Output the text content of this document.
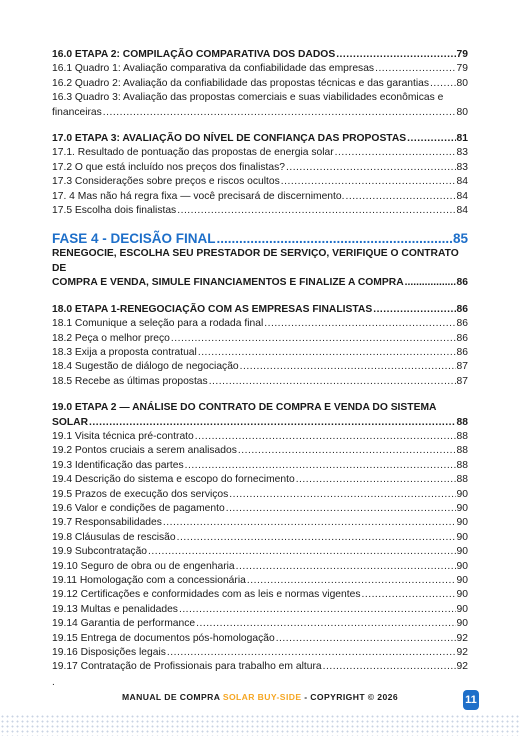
16.0 ETAPA 2: COMPILAÇÃO COMPARATIVA DOS DADOS .....	79
16.1 Quadro 1: Avaliação comparativa da confiabilidade das empresas .....	79
16.2 Quadro 2: Avaliação da confiabilidade das propostas técnicas e das garantias .....	80
16.3 Quadro 3: Avaliação das propostas comerciais e suas viabilidades econômicas e
financeiras .....	80
17.0 ETAPA 3: AVALIAÇÃO DO NÍVEL DE CONFIANÇA DAS PROPOSTAS .....	81
17.1. Resultado de pontuação das propostas de energia solar .....	83
17.2 O que está incluído nos preços dos finalistas? .....	83
17.3 Considerações sobre preços e riscos ocultos .....	84
17. 4 Mas não há regra fixa — você precisará de discernimento. .....	84
17.5 Escolha dois finalistas .....	84
FASE 4 - DECISÃO FINAL .....	85
RENEGOCIE, ESCOLHA SEU PRESTADOR DE SERVIÇO, VERIFIQUE O CONTRATO DE
COMPRA E VENDA, SIMULE FINANCIAMENTOS E FINALIZE A COMPRA .....	86
18.0 ETAPA 1-RENEGOCIAÇÃO COM AS EMPRESAS FINALISTAS .....	86
18.1 Comunique a seleção para a rodada final .....	86
18.2 Peça o melhor preço .....	86
18.3 Exija a proposta contratual .....	86
18.4 Sugestão de diálogo de negociação .....	87
18.5 Recebe as últimas propostas .....	87
19.0 ETAPA 2 — ANÁLISE DO CONTRATO DE COMPRA E VENDA DO SISTEMA
SOLAR .....	88
19.1 Visita técnica pré-contrato .....	88
19.2 Pontos cruciais a serem analisados .....	88
19.3 Identificação das partes .....	88
19.4 Descrição do sistema e escopo do fornecimento .....	88
19.5 Prazos de execução dos serviços .....	90
19.6 Valor e condições de pagamento .....	90
19.7 Responsabilidades .....	90
19.8 Cláusulas de rescisão .....	90
19.9 Subcontratação .....	90
19.10 Seguro de obra ou de engenharia .....	90
19.11 Homologação com a concessionária .....	90
19.12 Certificações e conformidades com as leis e normas vigentes .....	90
19.13 Multas e penalidades .....	90
19.14 Garantia de performance .....	90
19.15 Entrega de documentos pós-homologação .....	92
19.16 Disposições legais .....	92
19.17 Contratação de Profissionais para trabalho em altura .....	92
.
MANUAL DE COMPRA SOLAR BUY-SIDE - COPYRIGHT © 2026	11
